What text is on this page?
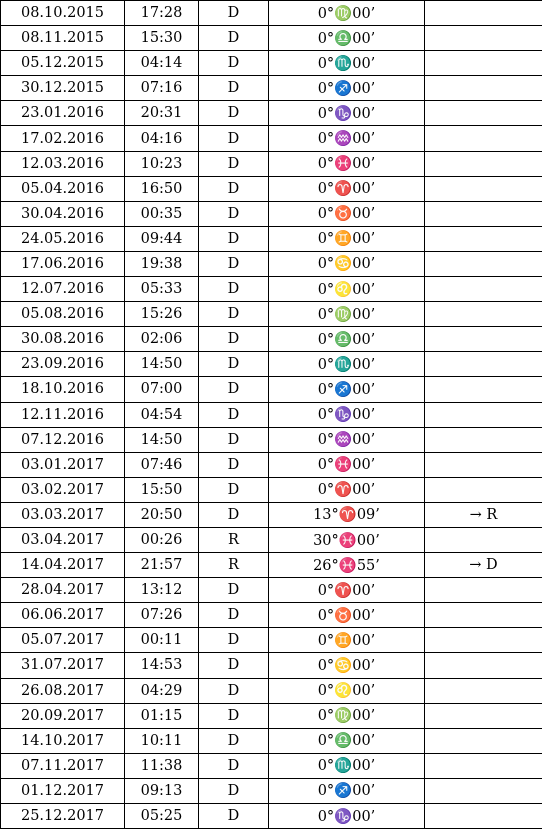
08.10.2015	17:28	D	0°♍00’	
08.11.2015	15:30	D	0°♎00’	
05.12.2015	04:14	D	0°♏00’	
30.12.2015	07:16	D	0°♐00’	
23.01.2016	20:31	D	0°♑00’	
17.02.2016	04:16	D	0°♒00’	
12.03.2016	10:23	D	0°♓00’	
05.04.2016	16:50	D	0°♈00’	
30.04.2016	00:35	D	0°♉00’	
24.05.2016	09:44	D	0°♊00’	
17.06.2016	19:38	D	0°♋00’	
12.07.2016	05:33	D	0°♌00’	
05.08.2016	15:26	D	0°♍00’	
30.08.2016	02:06	D	0°♎00’	
23.09.2016	14:50	D	0°♏00’	
18.10.2016	07:00	D	0°♐00’	
12.11.2016	04:54	D	0°♑00’	
07.12.2016	14:50	D	0°♒00’	
03.01.2017	07:46	D	0°♓00’	
03.02.2017	15:50	D	0°♈00’	
03.03.2017	20:50	D	13°♈09’	→ R
03.04.2017	00:26	R	30°♓00’	
14.04.2017	21:57	R	26°♓55’	→ D
28.04.2017	13:12	D	0°♈00’	
06.06.2017	07:26	D	0°♉00’	
05.07.2017	00:11	D	0°♊00’	
31.07.2017	14:53	D	0°♋00’	
26.08.2017	04:29	D	0°♌00’	
20.09.2017	01:15	D	0°♍00’	
14.10.2017	10:11	D	0°♎00’	
07.11.2017	11:38	D	0°♏00’	
01.12.2017	09:13	D	0°♐00’	
25.12.2017	05:25	D	0°♑00’	
